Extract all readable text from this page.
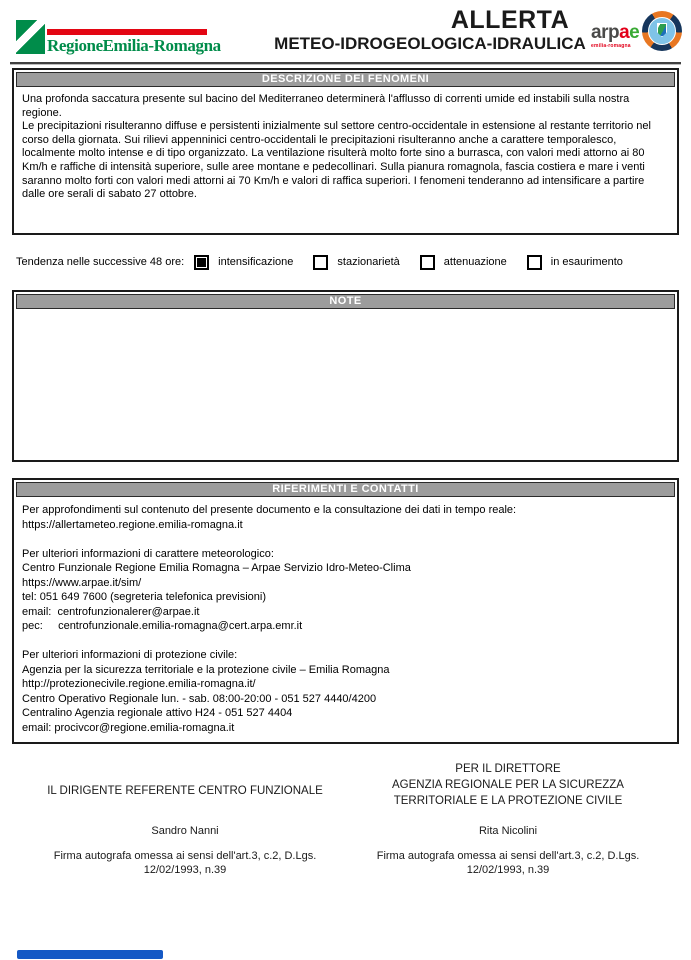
Regione Emilia-Romagna
ALLERTA
METEO-IDROGEOLOGICA-IDRAULICA
arpae
emilia-romagna
DESCRIZIONE DEI FENOMENI

Una profonda saccatura presente sul bacino del Mediterraneo determinerà l'afflusso di correnti umide ed instabili sulla nostra regione.

Le precipitazioni risulteranno diffuse e persistenti inizialmente sul settore centro-occidentale in estensione al restante territorio nel corso della giornata. Sui rilievi appenninici centro-occidentali le precipitazioni risulteranno anche a carattere temporalesco, localmente molto intense e di tipo organizzato. La ventilazione risulterà molto forte sino a burrasca, con valori medi attorno ai 80 Km/h e raffiche di intensità superiore, sulle aree montane e pedecollinari. Sulla pianura romagnola, fascia costiera e mare i venti saranno molto forti con valori medi attorni ai 70 Km/h e valori di raffica superiori. I fenomeni tenderanno ad intensificare a partire dalle ore serali di sabato 27 ottobre.

Tendenza nelle successive 48 ore:	intensificazione	stazionarietà	attenuazione	in esaurimento
NOTE
RIFERIMENTI E CONTATTI
Per approfondimenti sul contenuto del presente documento e la consultazione dei dati in tempo reale:
https://allertameteo.regione.emilia-romagna.it
Per ulteriori informazioni di carattere meteorologico:
Centro Funzionale Regione Emilia Romagna – Arpae Servizio Idro-Meteo-Clima
https://www.arpae.it/sim/
tel: 051 649 7600 (segreteria telefonica previsioni)
email:  centrofunzionalerer@arpae.it
pec:     centrofunzionale.emilia-romagna@cert.arpa.emr.it
Per ulteriori informazioni di protezione civile:
Agenzia per la sicurezza territoriale e la protezione civile – Emilia Romagna
http://protezionecivile.regione.emilia-romagna.it/
Centro Operativo Regionale lun. - sab. 08:00-20:00 - 051 527 4440/4200
Centralino Agenzia regionale attivo H24 - 051 527 4404
email: procivcor@regione.emilia-romagna.it
IL DIRIGENTE REFERENTE CENTRO FUNZIONALE
Sandro Nanni
Firma autografa omessa ai sensi dell'art.3, c.2, D.Lgs.
12/02/1993, n.39
PER IL DIRETTORE
AGENZIA REGIONALE PER LA SICUREZZA
TERRITORIALE E LA PROTEZIONE CIVILE
Rita Nicolini
Firma autografa omessa ai sensi dell'art.3, c.2, D.Lgs.
12/02/1993, n.39
